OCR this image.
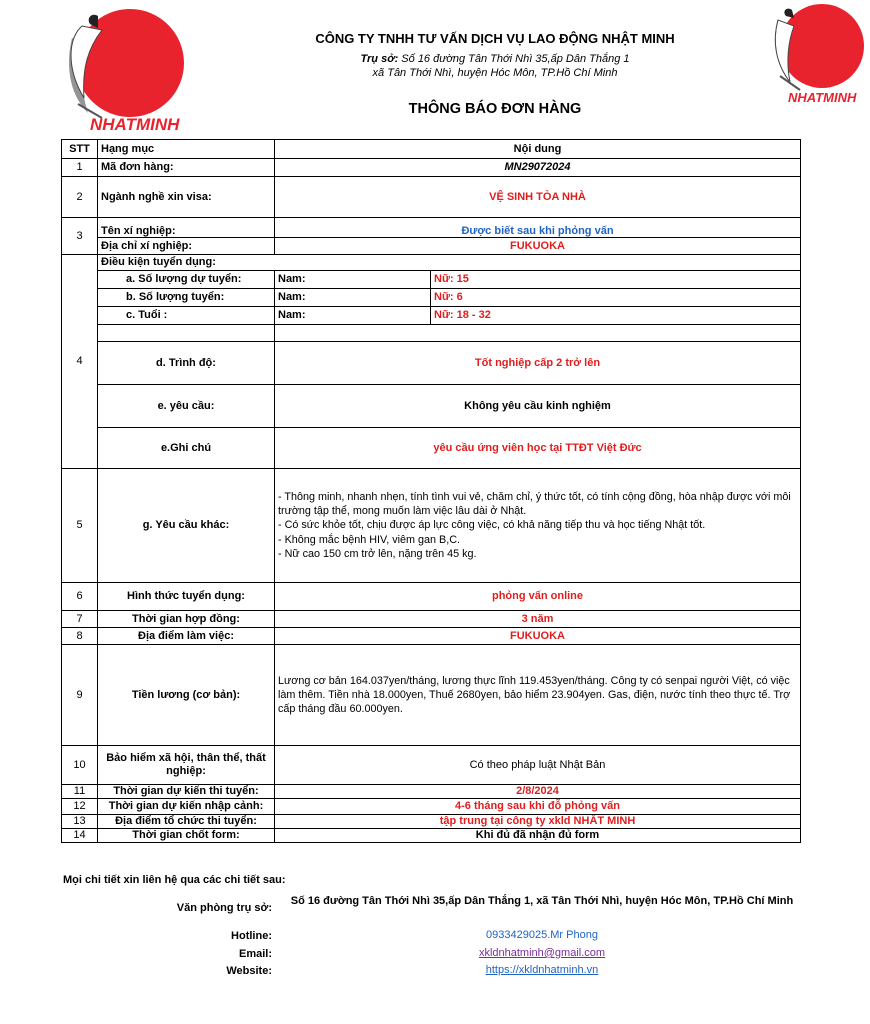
NHATMINH
NHATMINH
CÔNG TY TNHH TƯ VẤN DỊCH VỤ LAO ĐỘNG NHẬT MINH
Trụ sở: Số 16 đường Tân Thới Nhì 35,ấp Dân Thắng 1
xã Tân Thới Nhì, huyện Hóc Môn, TP.Hồ Chí Minh
THÔNG BÁO ĐƠN HÀNG
STT	Hạng mục	Nội dung	
1	Mã đơn hàng:	MN29072024	
2	Ngành nghề xin visa:	VỆ SINH TÒA NHÀ	
3	Tên xí nghiệp:	Được biết sau khi phỏng vấn	
	Địa chỉ xí nghiệp:	FUKUOKA	
4	Điều kiện tuyển dụng:		
	a. Số lượng dự tuyển:	Nam:	Nữ: 15
	b. Số lượng tuyển:	Nam:	Nữ: 6
	c. Tuổi :	Nam:	Nữ: 18 - 32

	d. Trình độ:	Tốt nghiệp cấp 2 trở lên	
	e. yêu cầu:	Không yêu cầu kinh nghiệm	
	e.Ghi chú	yêu cầu ứng viên học tại TTĐT Việt Đức	
5	g. Yêu cầu khác:	- Thông minh, nhanh nhẹn, tính tình vui vẻ, chăm chỉ, ý thức tốt, có tính cộng đồng, hòa nhập được với môi trường tập thể, mong muốn làm việc lâu dài ở Nhật.
- Có sức khỏe tốt, chịu được áp lực công việc, có khả năng tiếp thu và học tiếng Nhật tốt.
- Không mắc bệnh HIV, viêm gan B,C.
- Nữ cao 150 cm trở lên, nặng trên 45 kg.	

6	Hình thức tuyển dụng:	phỏng vấn online	
7	Thời gian hợp đồng:	3 năm	
8	Địa điểm làm việc:	FUKUOKA	
9	Tiền lương (cơ bản):	Lương cơ bản 164.037yen/tháng, lương thực lĩnh 119.453yen/tháng. Công ty có senpai người Việt, có việc làm thêm. Tiền nhà 18.000yen, Thuế 2680yen, bảo hiểm 23.904yen. Gas, điện, nước tính theo thực tế. Trợ cấp tháng đầu 60.000yen.	
10	Bảo hiểm xã hội, thân thể, thất nghiệp:	Có theo pháp luật Nhật Bản	
11	Thời gian dự kiến thi tuyển:	2/8/2024	
12	Thời gian dự kiến nhập cảnh:	4-6 tháng sau khi đỗ phỏng vấn	
13	Địa điểm tổ chức thi tuyển:	tập trung tại công ty xkld NHẤT MINH	
14	Thời gian chốt form:	Khi đủ đã nhận đủ form	
Mọi chi tiết xin liên hệ qua các chi tiết sau:
Văn phòng trụ sở:
Số 16 đường Tân Thới Nhì 35,ấp Dân Thắng 1, xã Tân Thới Nhì, huyện Hóc Môn, TP.Hồ Chí Minh
Hotline:	0933429025.Mr Phong
Email:	xkldnhatminh@gmail.com
Website:	https://xkldnhatminh.vn
